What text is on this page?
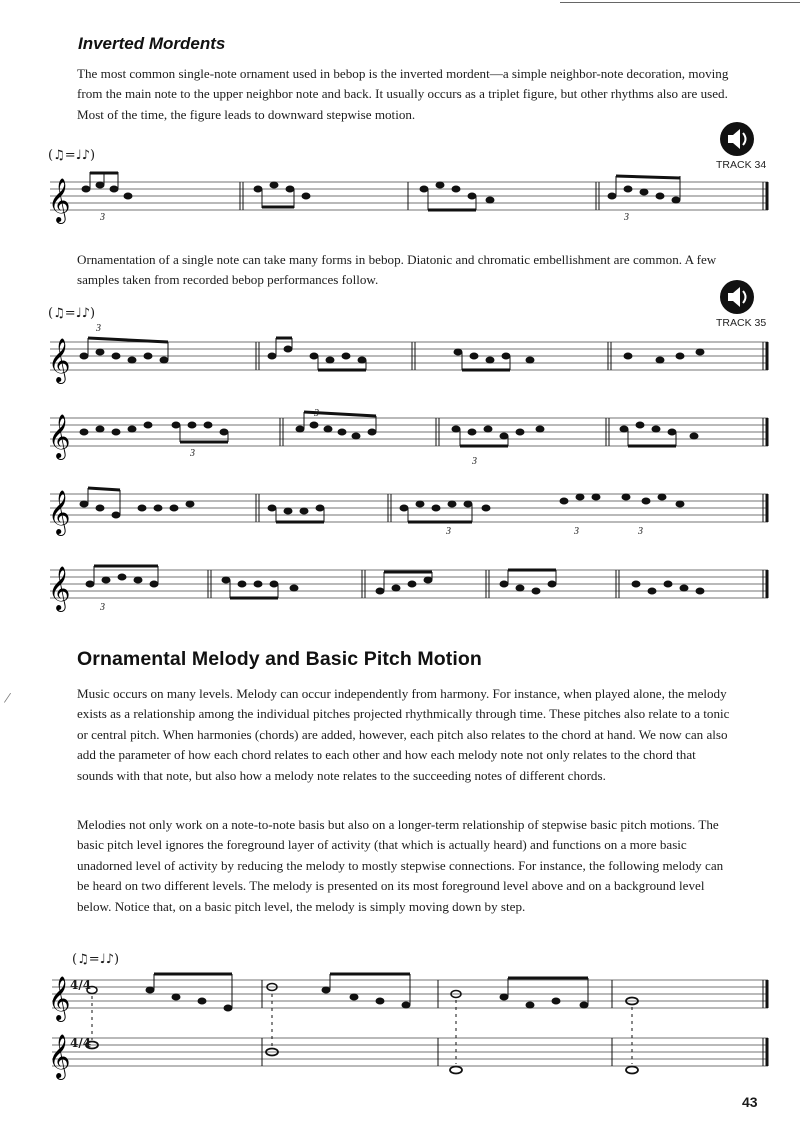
/
Inverted Mordents

The most common single-note ornament used in bebop is the inverted mordent—a simple neighbor-note decoration, moving from the main note to the upper neighbor note and back. It usually occurs as a triplet figure, but other rhythms also are used. Most of the time, the figure leads to downward stepwise motion.

(♫=♩♪)
TRACK 34
𝄞	3	3

Ornamentation of a single note can take many forms in bebop. Diatonic and chromatic embellishment are common. A few samples taken from recorded bebop performances follow.

(♫=♩♪)
TRACK 35
𝄞
𝄞
𝄞
𝄞
3
3
3
3
3	3	3
3
Ornamental Melody and Basic Pitch Motion

Music occurs on many levels. Melody can occur independently from harmony. For instance, when played alone, the melody exists as a relationship among the individual pitches projected rhythmically through time. These pitches also relate to a tonic or central pitch. When harmonies (chords) are added, however, each pitch also relates to the chord at hand. We now can also add the parameter of how each chord relates to each other and how each melody note not only relates to the chord that sounds with that note, but also how a melody note relates to the succeeding notes of different chords.

Melodies not only work on a note-to-note basis but also on a longer-term relationship of stepwise basic pitch motions. The basic pitch level ignores the foreground layer of activity (that which is actually heard) and functions on a more basic unadorned level of activity by reducing the melody to mostly stepwise connections. For instance, the following melody can be heard on two different levels. The melody is presented on its most foreground level above and on a background level below. Notice that, on a basic pitch level, the melody is simply moving down by step.

(♫=♩♪)
𝄞
𝄞
4/4
4/4
43
